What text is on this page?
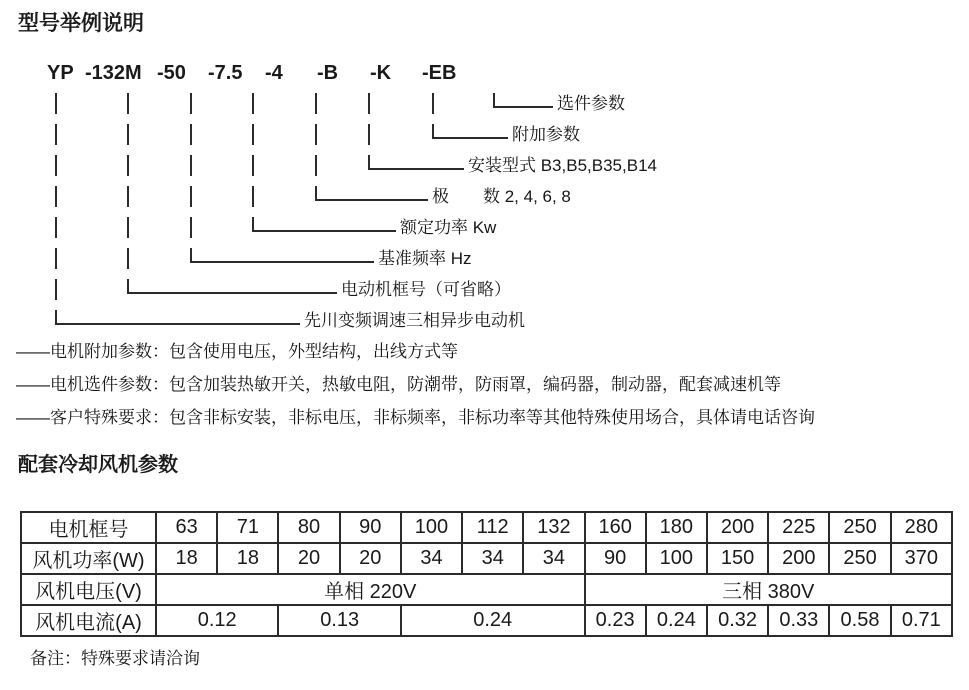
型号举例说明
YP -132M -50 -7.5 -4 -B -K -EB
选件参数
附加参数
安装型式 B3,B5,B35,B14
极　　数 2, 4, 6, 8
额定功率 Kw
基准频率 Hz
电动机框号（可省略）
先川变频调速三相异步电动机
——电机附加参数：包含使用电压，外型结构，出线方式等
——电机选件参数：包含加装热敏开关，热敏电阻，防潮带，防雨罩，编码器，制动器，配套减速机等
——客户特殊要求：包含非标安装，非标电压，非标频率，非标功率等其他特殊使用场合，具体请电话咨询
配套冷却风机参数
电机框号	63	71	80	90	100	112	132	160	180	200	225	250	280
风机功率(W)	18	18	20	20	34	34	34	90	100	150	200	250	370
风机电压(V)	单相 220V							三相 380V					
风机电流(A)	0.12		0.13		0.24			0.23	0.24	0.32	0.33	0.58	0.71
备注：特殊要求请洽询
